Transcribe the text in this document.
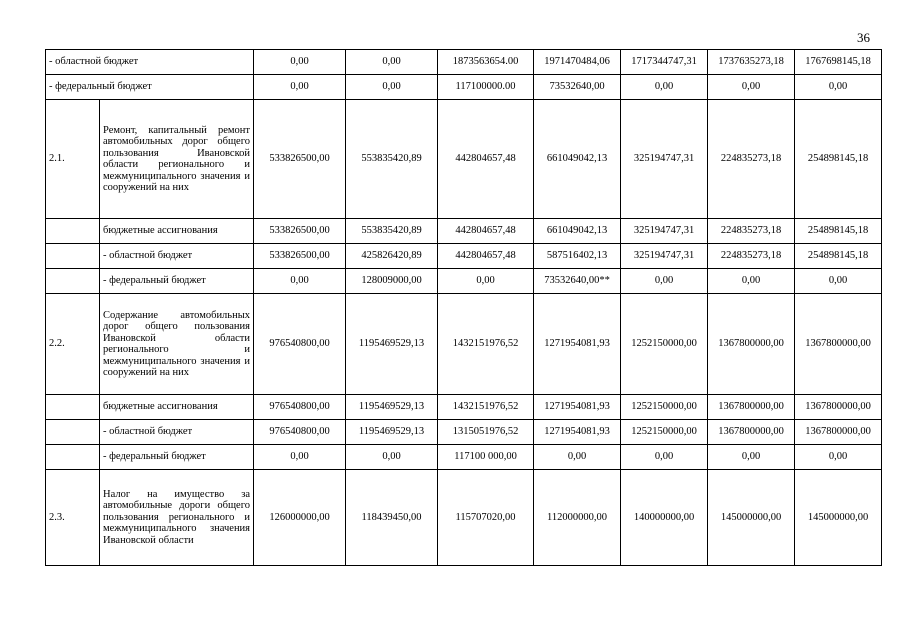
36
- областной бюджет		0,00	0,00	1873563654.00	1971470484,06	1717344747,31	1737635273,18	1767698145,18
- федеральный бюджет		0,00	0,00	117100000.00	73532640,00	0,00	0,00	0,00
2.1.	Ремонт, капитальный ремонт автомобильных дорог общего пользования Ивановской области регионального и межмуниципального значения и сооружений на них	533826500,00	553835420,89	442804657,48	661049042,13	325194747,31	224835273,18	254898145,18
	бюджетные ассигнования	533826500,00	553835420,89	442804657,48	661049042,13	325194747,31	224835273,18	254898145,18
	- областной бюджет	533826500,00	425826420,89	442804657,48	587516402,13	325194747,31	224835273,18	254898145,18
	- федеральный бюджет	0,00	128009000,00	0,00	73532640,00**	0,00	0,00	0,00
2.2.	Содержание автомобильных дорог общего пользования Ивановской области регионального и межмуниципального значения и сооружений на них	976540800,00	1195469529,13	1432151976,52	1271954081,93	1252150000,00	1367800000,00	1367800000,00
	бюджетные ассигнования	976540800,00	1195469529,13	1432151976,52	1271954081,93	1252150000,00	1367800000,00	1367800000,00
	- областной бюджет	976540800,00	1195469529,13	1315051976,52	1271954081,93	1252150000,00	1367800000,00	1367800000,00
	- федеральный бюджет	0,00	0,00	117100 000,00	0,00	0,00	0,00	0,00
2.3.	Налог на имущество за автомобильные дороги общего пользования регионального и межмуниципального значения Ивановской области	126000000,00	118439450,00	115707020,00	112000000,00	140000000,00	145000000,00	145000000,00
